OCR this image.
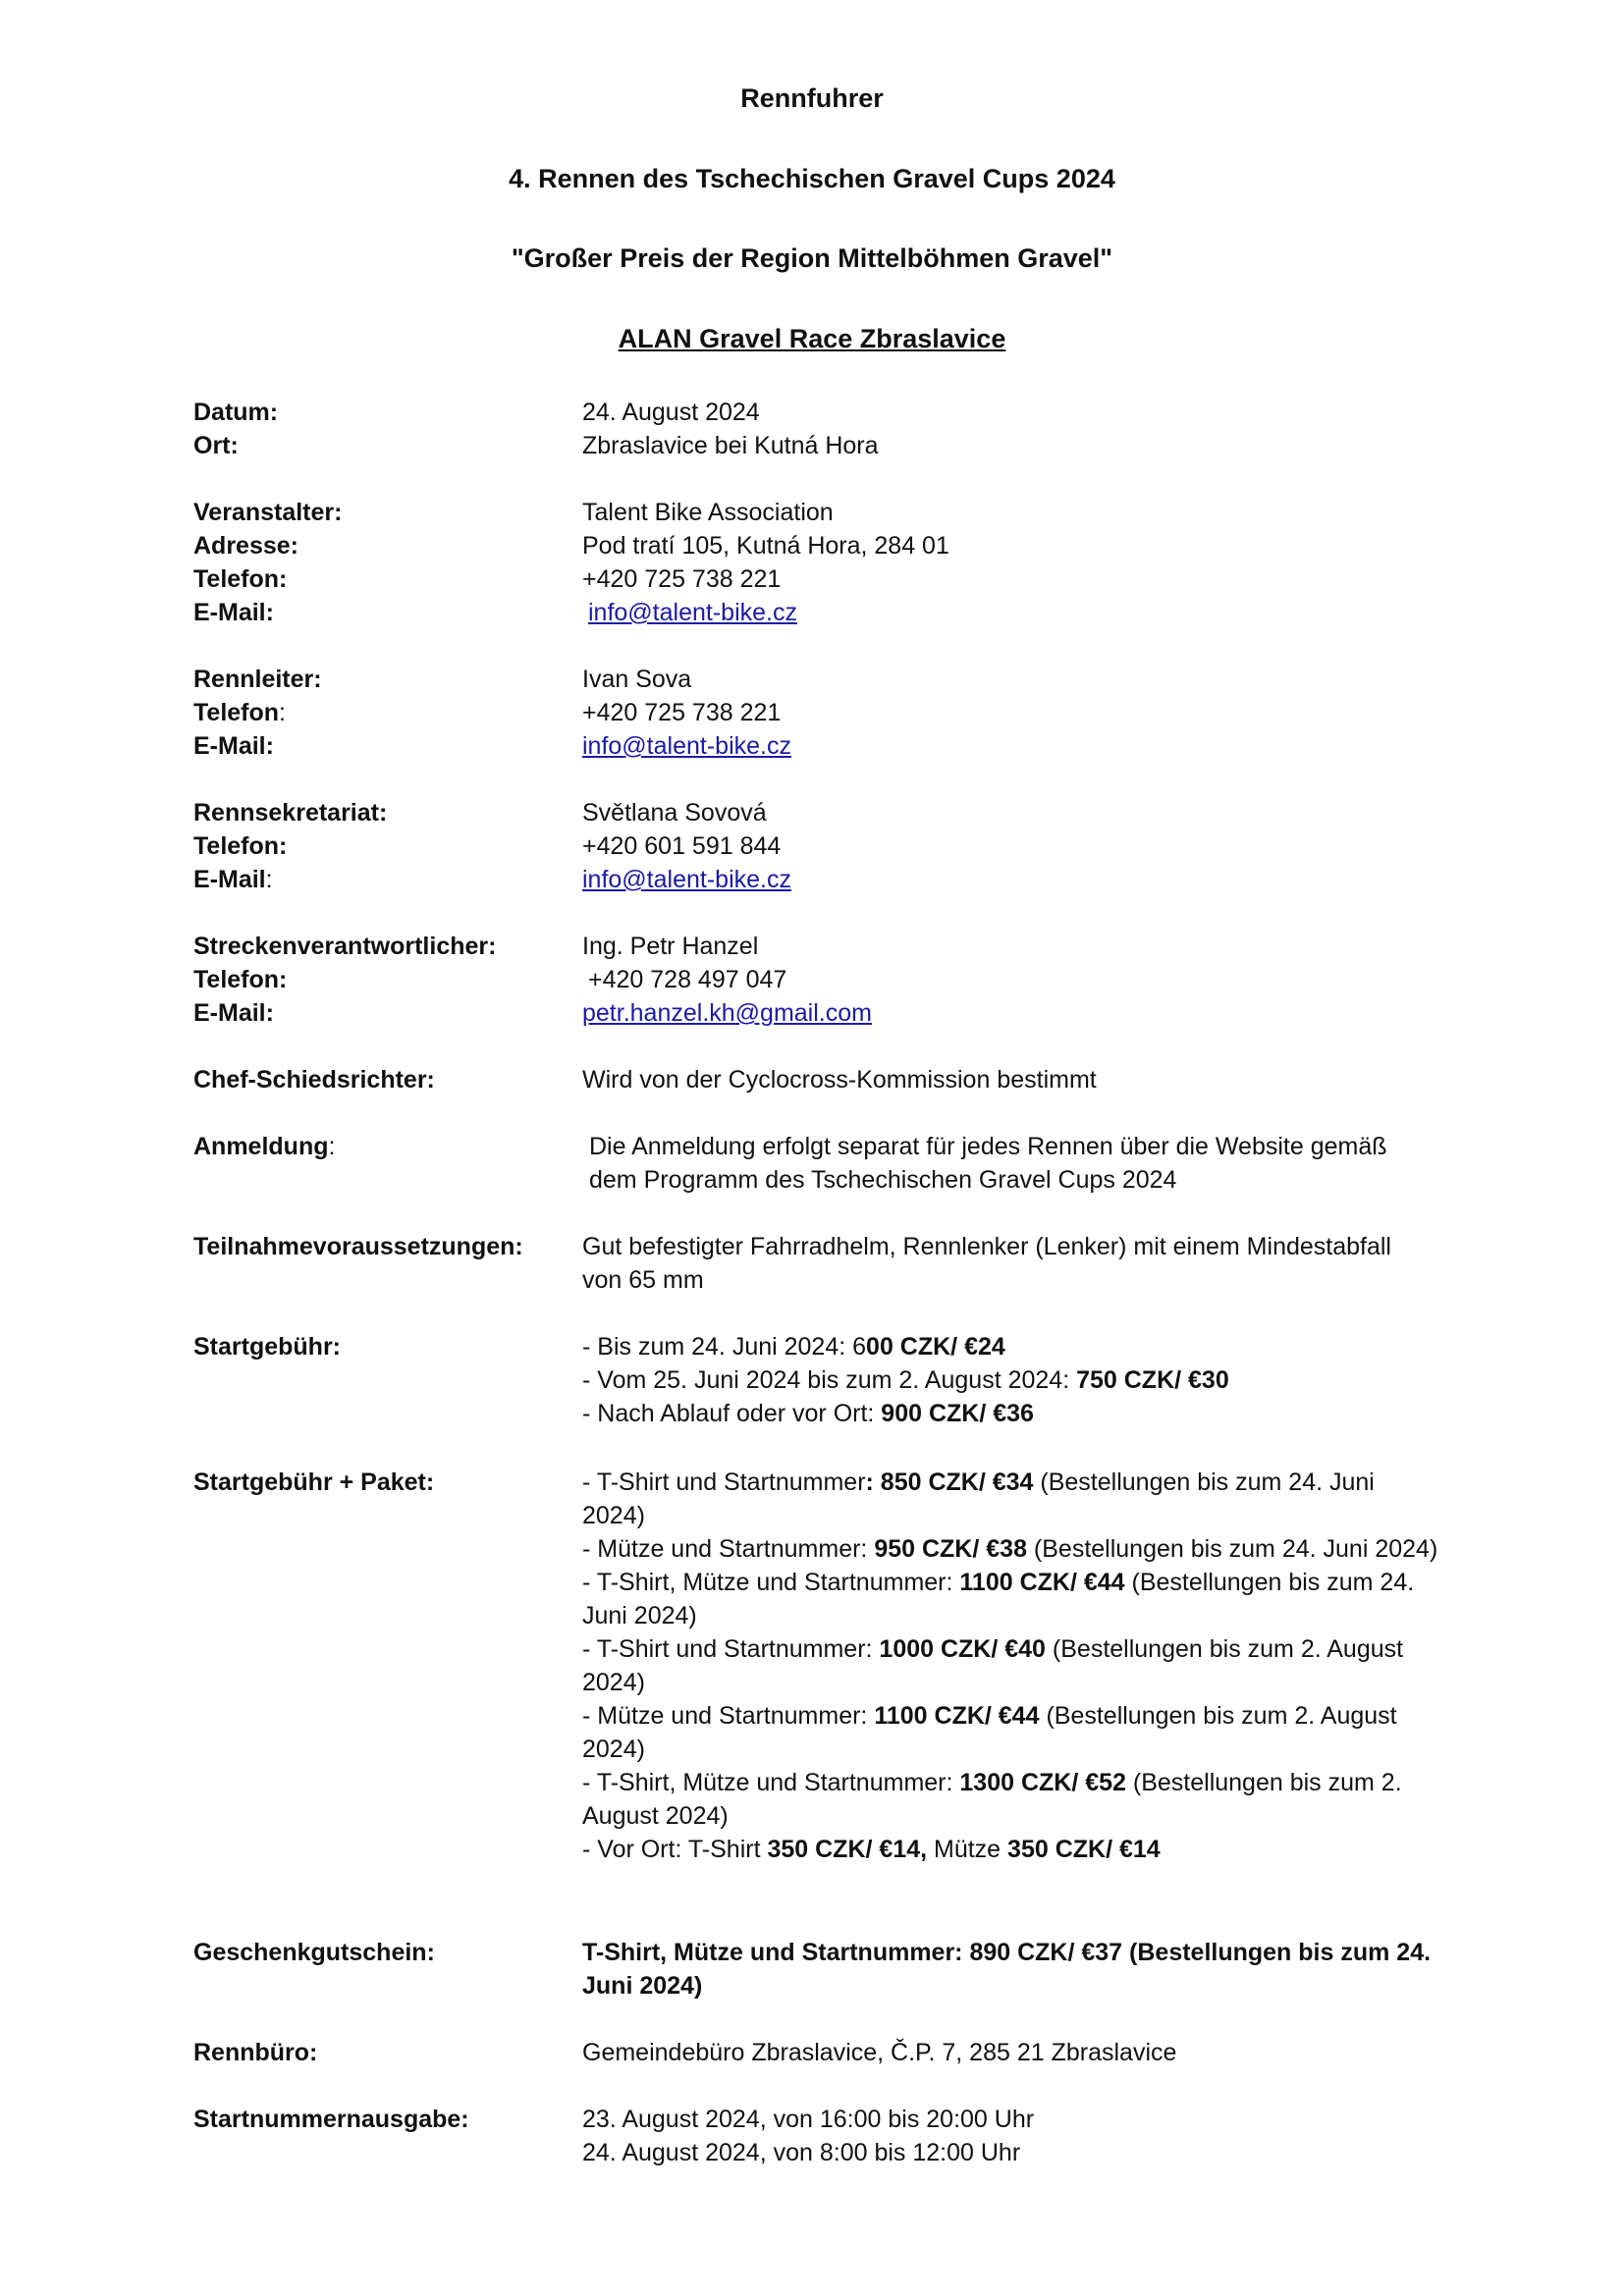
Rennfuhrer
4. Rennen des Tschechischen Gravel Cups 2024
"Großer Preis der Region Mittelböhmen Gravel"
ALAN Gravel Race Zbraslavice
Datum:	24. August 2024
Ort:	Zbraslavice bei Kutná Hora
Veranstalter:	Talent Bike Association
Adresse:	Pod tratí 105, Kutná Hora, 284 01
Telefon:	+420 725 738 221
E-Mail:	info@talent-bike.cz
Rennleiter:	Ivan Sova
Telefon:	+420 725 738 221
E-Mail:	info@talent-bike.cz
Rennsekretariat:	Světlana Sovová
Telefon:	+420 601 591 844
E-Mail:	info@talent-bike.cz
Streckenverantwortlicher:	Ing. Petr Hanzel
Telefon:	+420 728 497 047
E-Mail:	petr.hanzel.kh@gmail.com
Chef-Schiedsrichter:	Wird von der Cyclocross-Kommission bestimmt
Anmeldung:	Die Anmeldung erfolgt separat für jedes Rennen über die Website gemäß dem Programm des Tschechischen Gravel Cups 2024
Teilnahmevoraussetzungen:	Gut befestigter Fahrradhelm, Rennlenker (Lenker) mit einem Mindestabfall von 65 mm
Startgebühr:	- Bis zum 24. Juni 2024: 600 CZK/ €24
- Vom 25. Juni 2024 bis zum 2. August 2024: 750 CZK/ €30
- Nach Ablauf oder vor Ort: 900 CZK/ €36
Startgebühr + Paket:	- T-Shirt und Startnummer: 850 CZK/ €34 (Bestellungen bis zum 24. Juni 2024)
- Mütze und Startnummer: 950 CZK/ €38 (Bestellungen bis zum 24. Juni 2024)
- T-Shirt, Mütze und Startnummer: 1100 CZK/ €44 (Bestellungen bis zum 24. Juni 2024)
- T-Shirt und Startnummer: 1000 CZK/ €40 (Bestellungen bis zum 2. August 2024)
- Mütze und Startnummer: 1100 CZK/ €44 (Bestellungen bis zum 2. August 2024)
- T-Shirt, Mütze und Startnummer: 1300 CZK/ €52 (Bestellungen bis zum 2. August 2024)
- Vor Ort: T-Shirt 350 CZK/ €14, Mütze 350 CZK/ €14
Geschenkgutschein:	T-Shirt, Mütze und Startnummer: 890 CZK/ €37 (Bestellungen bis zum 24. Juni 2024)
Rennbüro:	Gemeindebüro Zbraslavice, Č.P. 7, 285 21 Zbraslavice
Startnummernausgabe:	23. August 2024, von 16:00 bis 20:00 Uhr
24. August 2024, von 8:00 bis 12:00 Uhr
